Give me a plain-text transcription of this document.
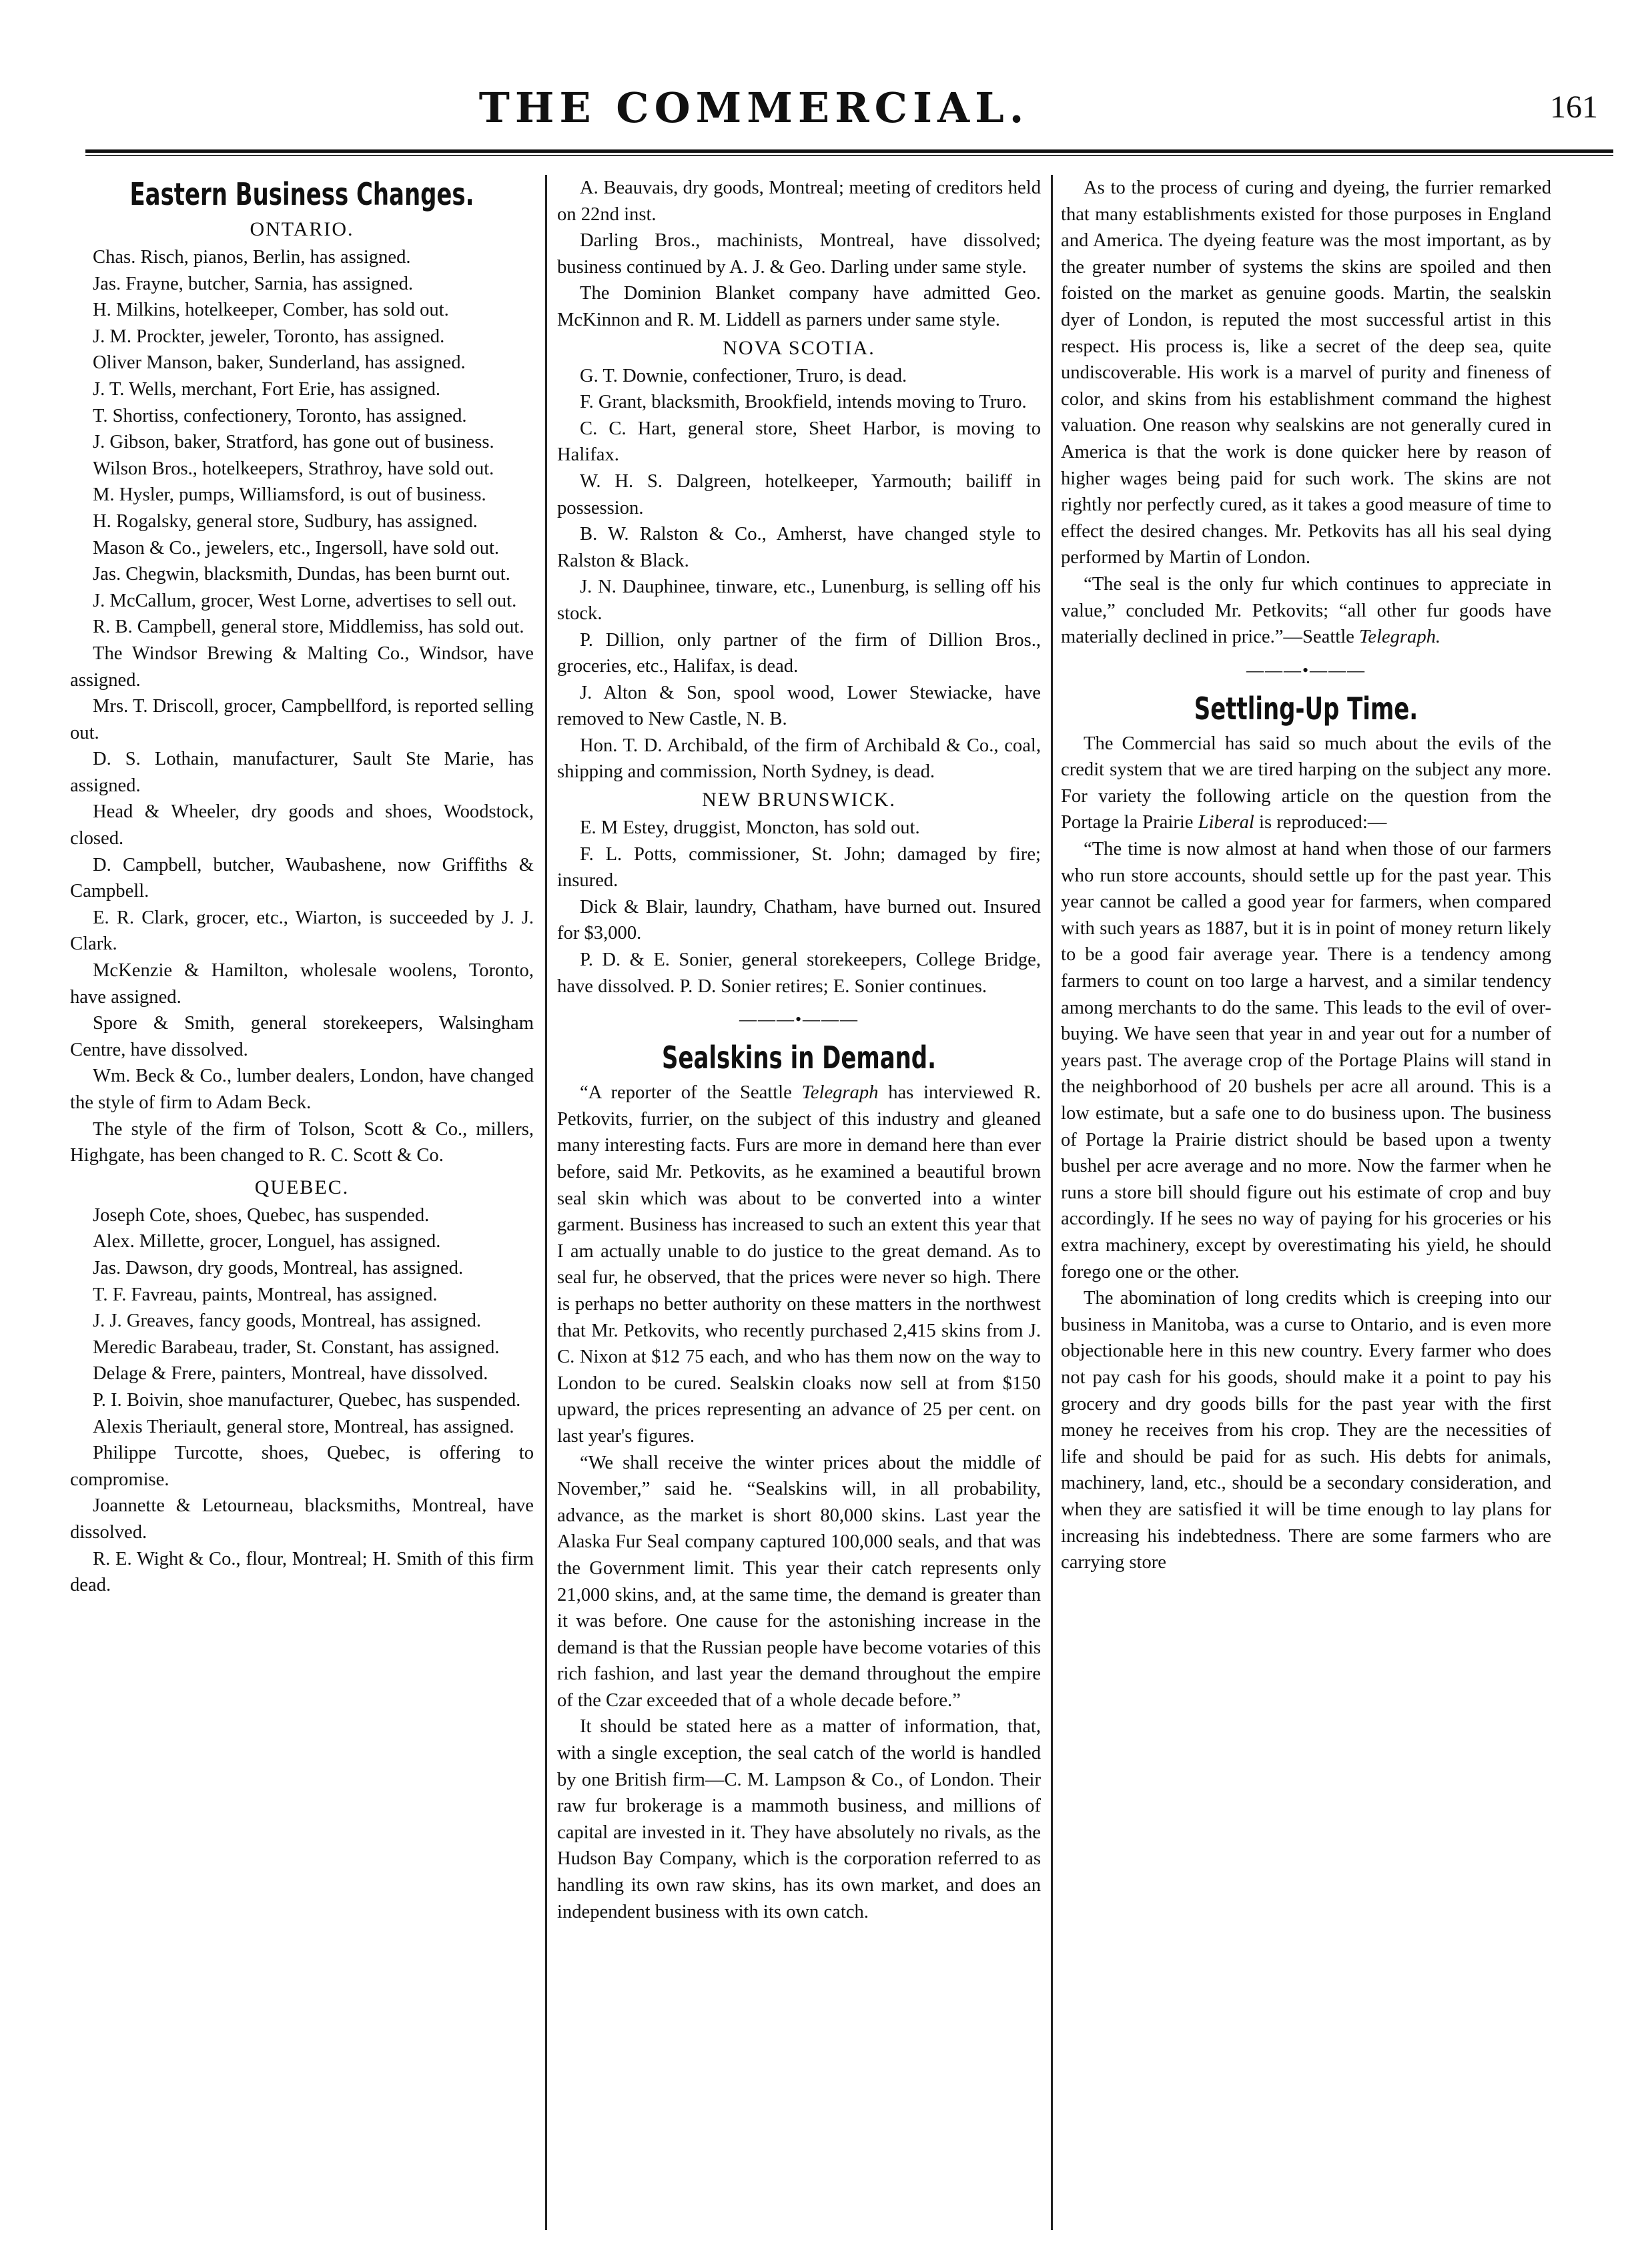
THE COMMERCIAL.	161
Eastern Business Changes.
ONTARIO.

Chas. Risch, pianos, Berlin, has assigned.

Jas. Frayne, butcher, Sarnia, has assigned.

H. Milkins, hotelkeeper, Comber, has sold out.

J. M. Prockter, jeweler, Toronto, has assigned.

Oliver Manson, baker, Sunderland, has assigned.

J. T. Wells, merchant, Fort Erie, has assigned.

T. Shortiss, confectionery, Toronto, has assigned.

J. Gibson, baker, Stratford, has gone out of business.

Wilson Bros., hotelkeepers, Strathroy, have sold out.

M. Hysler, pumps, Williamsford, is out of business.

H. Rogalsky, general store, Sudbury, has assigned.

Mason & Co., jewelers, etc., Ingersoll, have sold out.

Jas. Chegwin, blacksmith, Dundas, has been burnt out.

J. McCallum, grocer, West Lorne, advertises to sell out.

R. B. Campbell, general store, Middlemiss, has sold out.

The Windsor Brewing & Malting Co., Windsor, have assigned.

Mrs. T. Driscoll, grocer, Campbellford, is reported selling out.

D. S. Lothain, manufacturer, Sault Ste Marie, has assigned.

Head & Wheeler, dry goods and shoes, Woodstock, closed.

D. Campbell, butcher, Waubashene, now Griffiths & Campbell.

E. R. Clark, grocer, etc., Wiarton, is succeeded by J. J. Clark.

McKenzie & Hamilton, wholesale woolens, Toronto, have assigned.

Spore & Smith, general storekeepers, Walsingham Centre, have dissolved.

Wm. Beck & Co., lumber dealers, London, have changed the style of firm to Adam Beck.

The style of the firm of Tolson, Scott & Co., millers, Highgate, has been changed to R. C. Scott & Co.

QUEBEC.

Joseph Cote, shoes, Quebec, has suspended.

Alex. Millette, grocer, Longuel, has assigned.

Jas. Dawson, dry goods, Montreal, has assigned.

T. F. Favreau, paints, Montreal, has assigned.

J. J. Greaves, fancy goods, Montreal, has assigned.

Meredic Barabeau, trader, St. Constant, has assigned.

Delage & Frere, painters, Montreal, have dissolved.

P. I. Boivin, shoe manufacturer, Quebec, has suspended.

Alexis Theriault, general store, Montreal, has assigned.

Philippe Turcotte, shoes, Quebec, is offering to compromise.

Joannette & Letourneau, blacksmiths, Montreal, have dissolved.

R. E. Wight & Co., flour, Montreal; H. Smith of this firm dead.

A. Beauvais, dry goods, Montreal; meeting of creditors held on 22nd inst.

Darling Bros., machinists, Montreal, have dissolved; business continued by A. J. & Geo. Darling under same style.

The Dominion Blanket company have admitted Geo. McKinnon and R. M. Liddell as parners under same style.

NOVA SCOTIA.

G. T. Downie, confectioner, Truro, is dead.

F. Grant, blacksmith, Brookfield, intends moving to Truro.

C. C. Hart, general store, Sheet Harbor, is moving to Halifax.

W. H. S. Dalgreen, hotelkeeper, Yarmouth; bailiff in possession.

B. W. Ralston & Co., Amherst, have changed style to Ralston & Black.

J. N. Dauphinee, tinware, etc., Lunenburg, is selling off his stock.

P. Dillion, only partner of the firm of Dillion Bros., groceries, etc., Halifax, is dead.

J. Alton & Son, spool wood, Lower Stewiacke, have removed to New Castle, N. B.

Hon. T. D. Archibald, of the firm of Archibald & Co., coal, shipping and commission, North Sydney, is dead.

NEW BRUNSWICK.

E. M Estey, druggist, Moncton, has sold out.

F. L. Potts, commissioner, St. John; damaged by fire; insured.

Dick & Blair, laundry, Chatham, have burned out. Insured for $3,000.

P. D. & E. Sonier, general storekeepers, College Bridge, have dissolved. P. D. Sonier retires; E. Sonier continues.

———•———
Sealskins in Demand.

“A reporter of the Seattle Telegraph has interviewed R. Petkovits, furrier, on the subject of this industry and gleaned many interesting facts. Furs are more in demand here than ever before, said Mr. Petkovits, as he examined a beautiful brown seal skin which was about to be converted into a winter garment. Business has increased to such an extent this year that I am actually unable to do justice to the great demand. As to seal fur, he observed, that the prices were never so high. There is perhaps no better authority on these matters in the northwest that Mr. Petkovits, who recently purchased 2,415 skins from J. C. Nixon at $12 75 each, and who has them now on the way to London to be cured. Sealskin cloaks now sell at from $150 upward, the prices representing an advance of 25 per cent. on last year's figures.

“We shall receive the winter prices about the middle of November,” said he. “Sealskins will, in all probability, advance, as the market is short 80,000 skins. Last year the Alaska Fur Seal company captured 100,000 seals, and that was the Government limit. This year their catch represents only 21,000 skins, and, at the same time, the demand is greater than it was before. One cause for the astonishing increase in the demand is that the Russian people have become votaries of this rich fashion, and last year the demand throughout the empire of the Czar exceeded that of a whole decade before.”

It should be stated here as a matter of information, that, with a single exception, the seal catch of the world is handled by one British firm—C. M. Lampson & Co., of London. Their raw fur brokerage is a mammoth business, and millions of capital are invested in it. They have absolutely no rivals, as the Hudson Bay Company, which is the corporation referred to as handling its own raw skins, has its own market, and does an independent business with its own catch.

As to the process of curing and dyeing, the furrier remarked that many establishments existed for those purposes in England and America. The dyeing feature was the most important, as by the greater number of systems the skins are spoiled and then foisted on the market as genuine goods. Martin, the sealskin dyer of London, is reputed the most successful artist in this respect. His process is, like a secret of the deep sea, quite undiscoverable. His work is a marvel of purity and fineness of color, and skins from his establishment command the highest valuation. One reason why sealskins are not generally cured in America is that the work is done quicker here by reason of higher wages being paid for such work. The skins are not rightly nor perfectly cured, as it takes a good measure of time to effect the desired changes. Mr. Petkovits has all his seal dying performed by Martin of London.

“The seal is the only fur which continues to appreciate in value,” concluded Mr. Petkovits; “all other fur goods have materially declined in price.”—Seattle Telegraph.

———•———
Settling-Up Time.

The Commercial has said so much about the evils of the credit system that we are tired harping on the subject any more. For variety the following article on the question from the Portage la Prairie Liberal is reproduced:—

“The time is now almost at hand when those of our farmers who run store accounts, should settle up for the past year. This year cannot be called a good year for farmers, when compared with such years as 1887, but it is in point of money return likely to be a good fair average year. There is a tendency among farmers to count on too large a harvest, and a similar tendency among merchants to do the same. This leads to the evil of over-buying. We have seen that year in and year out for a number of years past. The average crop of the Portage Plains will stand in the neighborhood of 20 bushels per acre all around. This is a low estimate, but a safe one to do business upon. The business of Portage la Prairie district should be based upon a twenty bushel per acre average and no more. Now the farmer when he runs a store bill should figure out his estimate of crop and buy accordingly. If he sees no way of paying for his groceries or his extra machinery, except by overestimating his yield, he should forego one or the other.

The abomination of long credits which is creeping into our business in Manitoba, was a curse to Ontario, and is even more objectionable here in this new country. Every farmer who does not pay cash for his goods, should make it a point to pay his grocery and dry goods bills for the past year with the first money he receives from his crop. They are the necessities of life and should be paid for as such. His debts for animals, machinery, land, etc., should be a secondary consideration, and when they are satisfied it will be time enough to lay plans for increasing his indebtedness. There are some farmers who are carrying store
